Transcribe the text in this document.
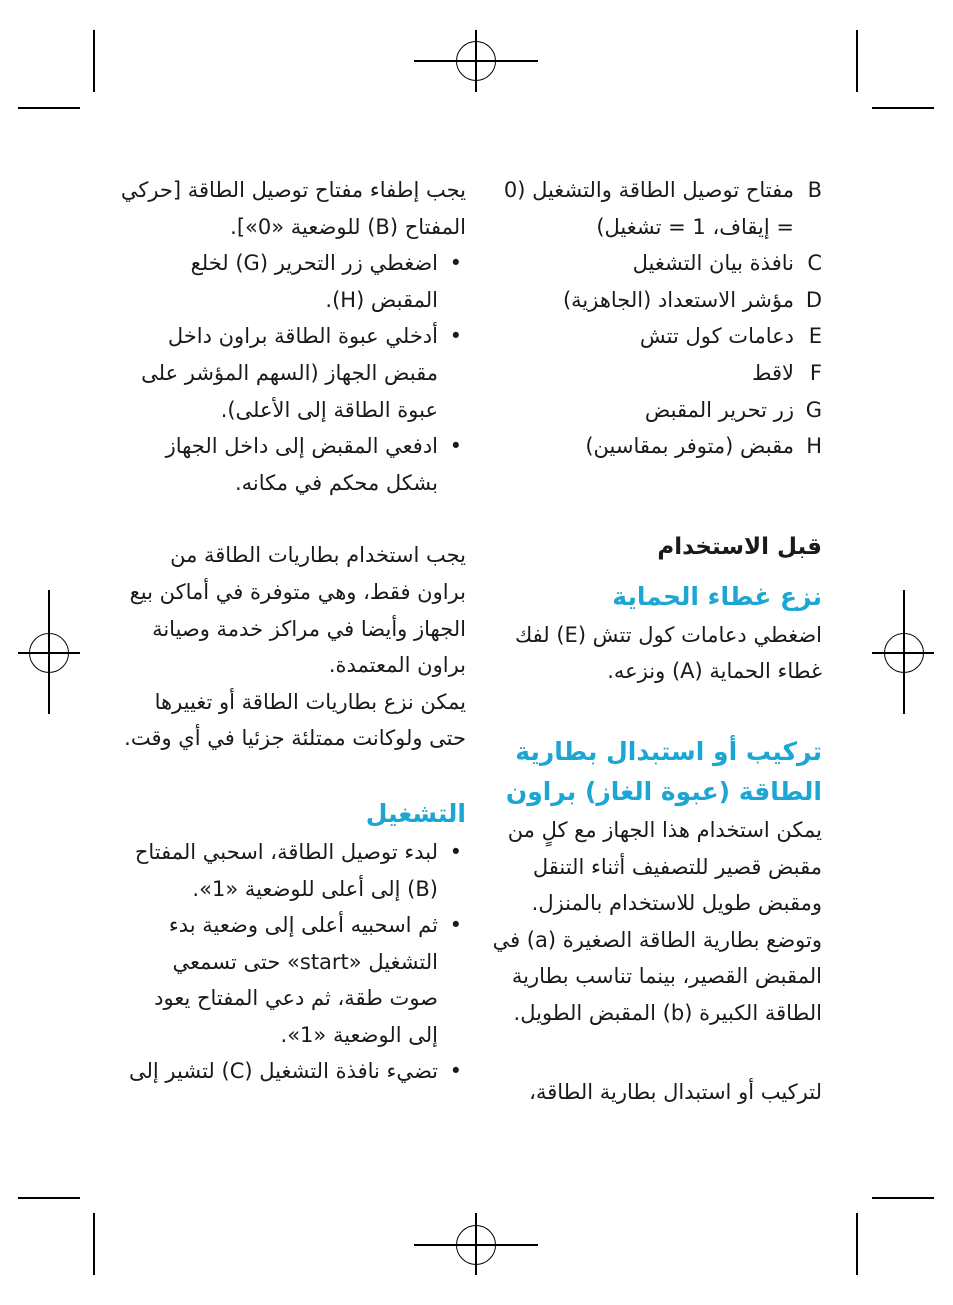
B
مفتاح توصيل الطاقة والتشغيل (0 = إيقاف، 1 = تشغيل)
C
نافذة بيان التشغيل
D
مؤشر الاستعداد (الجاهزية)
E
دعامات كول تتش
F
لاقط
G
زر تحرير المقبض
H
مقبض (متوفر بمقاسين)

قبل الاستخدام

نزع غطاء الحماية

اضغطي دعامات كول تتش (E) لفك غطاء الحماية (A) ونزعه.

تركيب أو استبدال بطارية الطاقة (عبوة الغاز) براون

يمكن استخدام هذا الجهاز مع كلٍ من مقبض قصير للتصفيف أثناء التنقل ومقبض طويل للاستخدام بالمنزل. وتوضع بطارية الطاقة الصغيرة (a) في المقبض القصير، بينما تناسب بطارية الطاقة الكبيرة (b) المقبض الطويل.

لتركيب أو استبدال بطارية الطاقة،

يجب إطفاء مفتاح توصيل الطاقة [حركي المفتاح (B) للوضعية «0»].

• اضغطي زر التحرير (G) لخلع المقبض (H).
• أدخلي عبوة الطاقة براون داخل مقبض الجهاز (السهم المؤشر على عبوة الطاقة إلى الأعلى).
• ادفعي المقبض إلى داخل الجهاز بشكل محكم في مكانه.

يجب استخدام بطاريات الطاقة من براون فقط، وهي متوفرة في أماكن بيع الجهاز وأيضا في مراكز خدمة وصيانة براون المعتمدة.

يمكن نزع بطاريات الطاقة أو تغييرها حتى ولوكانت ممتلئة جزئيا في أي وقت.

التشغيل

• لبدء توصيل الطاقة، اسحبي المفتاح (B) إلى أعلى للوضعية «1».
• ثم اسحبيه أعلى إلى وضعية بدء التشغيل «start» حتى تسمعي صوت طقة، ثم دعي المفتاح يعود إلى الوضعية «1».
• تضيء نافذة التشغيل (C) لتشير إلى
